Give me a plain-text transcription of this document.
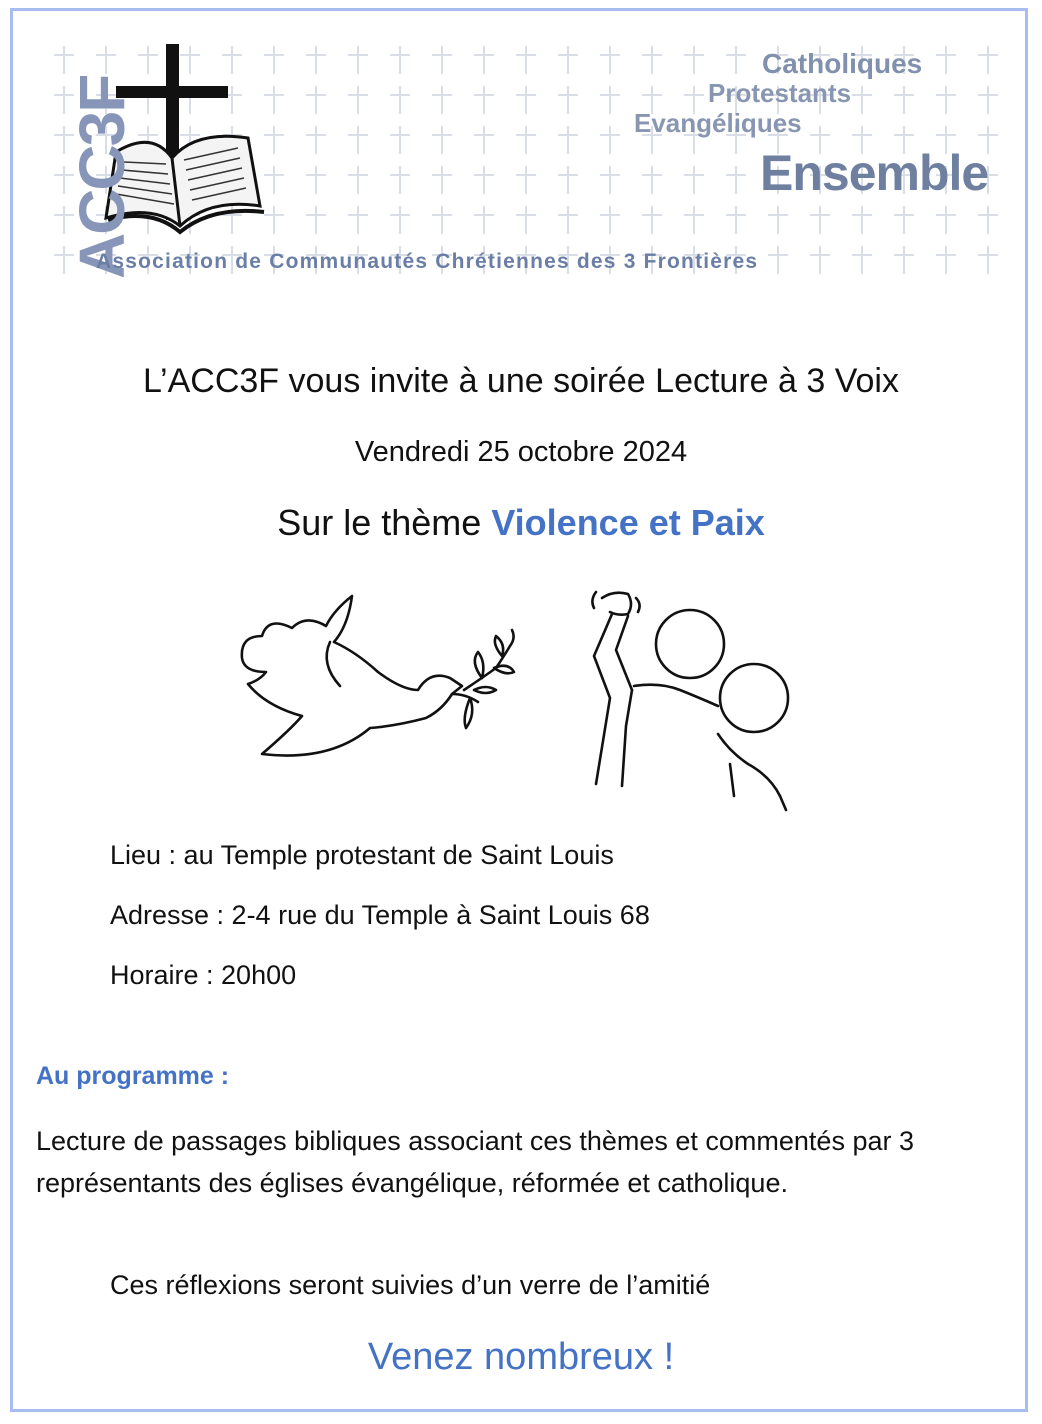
ACC3F
Catholiques
Protestants
Evangéliques
Ensemble
Association de Communautés Chrétiennes des 3 Frontières
L’ACC3F vous invite à une soirée Lecture à 3 Voix
Vendredi 25 octobre 2024
Sur le thème Violence et Paix
Lieu : au Temple protestant de Saint Louis
Adresse : 2-4 rue du Temple à Saint Louis 68
Horaire : 20h00
Au programme :
Lecture de passages bibliques associant ces thèmes et commentés par 3 représentants des églises évangélique, réformée et catholique.
Ces réflexions seront suivies d’un verre de l’amitié
Venez nombreux !
